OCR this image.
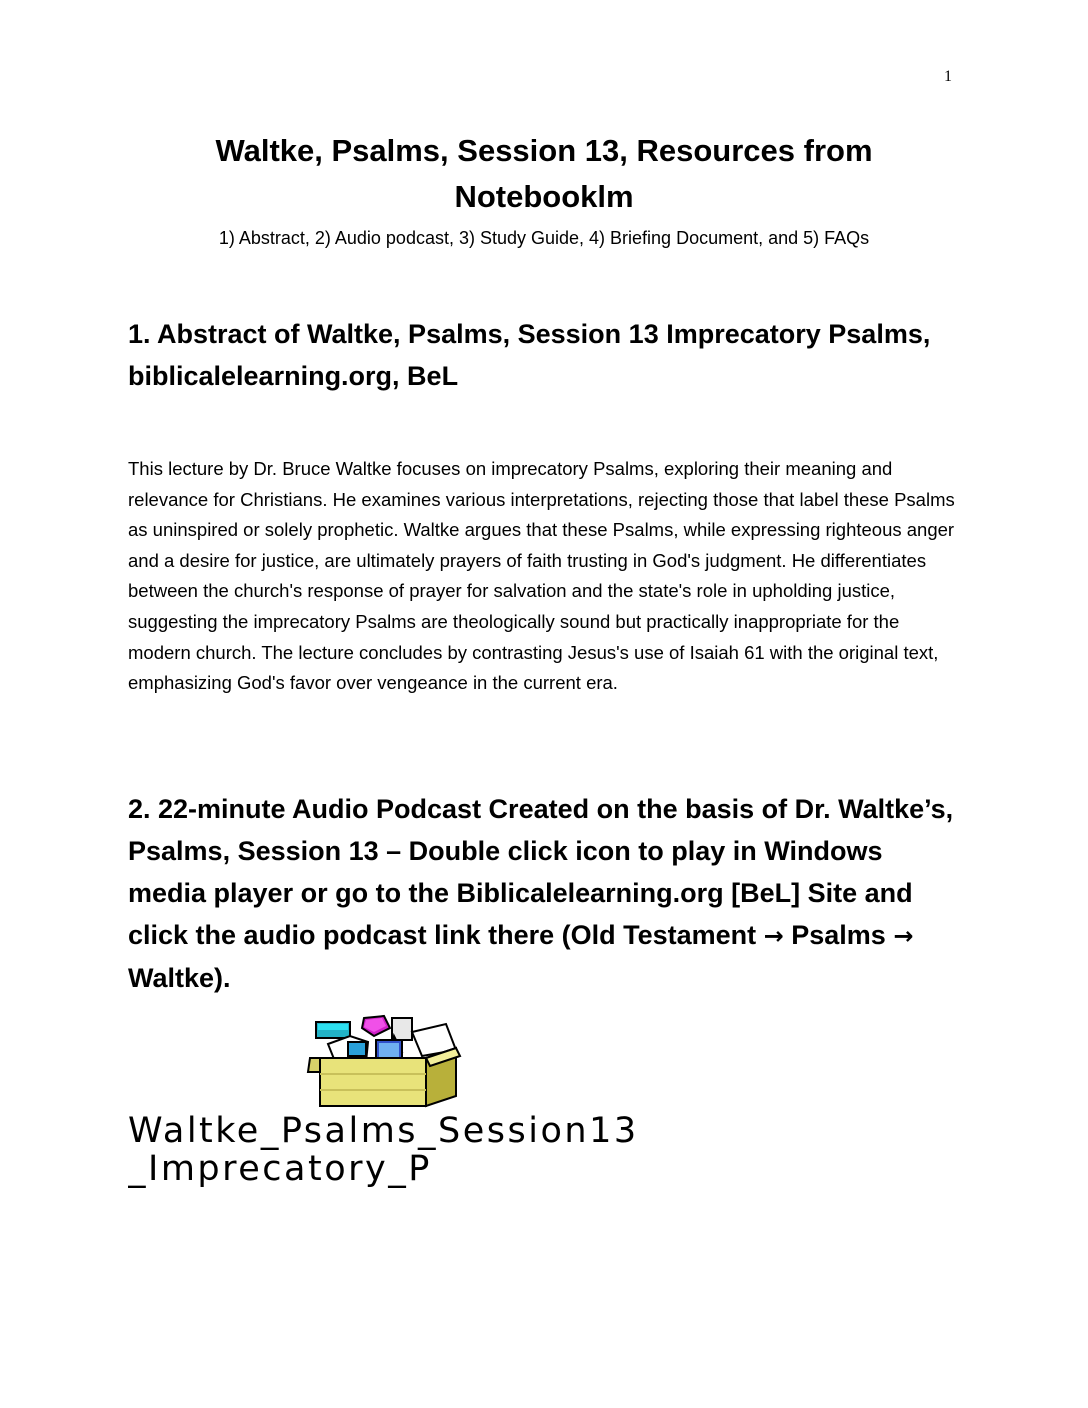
1
Waltke, Psalms, Session 13, Resources from Notebooklm

1) Abstract, 2) Audio podcast, 3) Study Guide, 4) Briefing Document, and 5) FAQs

1. Abstract of Waltke, Psalms, Session 13 Imprecatory Psalms, biblicalelearning.org, BeL

This lecture by Dr. Bruce Waltke focuses on imprecatory Psalms, exploring their meaning and relevance for Christians. He examines various interpretations, rejecting those that label these Psalms as uninspired or solely prophetic. Waltke argues that these Psalms, while expressing righteous anger and a desire for justice, are ultimately prayers of faith trusting in God's judgment. He differentiates between the church's response of prayer for salvation and the state's role in upholding justice, suggesting the imprecatory Psalms are theologically sound but practically inappropriate for the modern church. The lecture concludes by contrasting Jesus's use of Isaiah 61 with the original text, emphasizing God's favor over vengeance in the current era.

2. 22-minute Audio Podcast Created on the basis of Dr. Waltke’s, Psalms, Session 13 – Double click icon to play in Windows media player or go to the Biblicalelearning.org [BeL] Site and click the audio podcast link there (Old Testament → Psalms → Waltke).
Waltke_Psalms_Session13_Imprecatory_P
